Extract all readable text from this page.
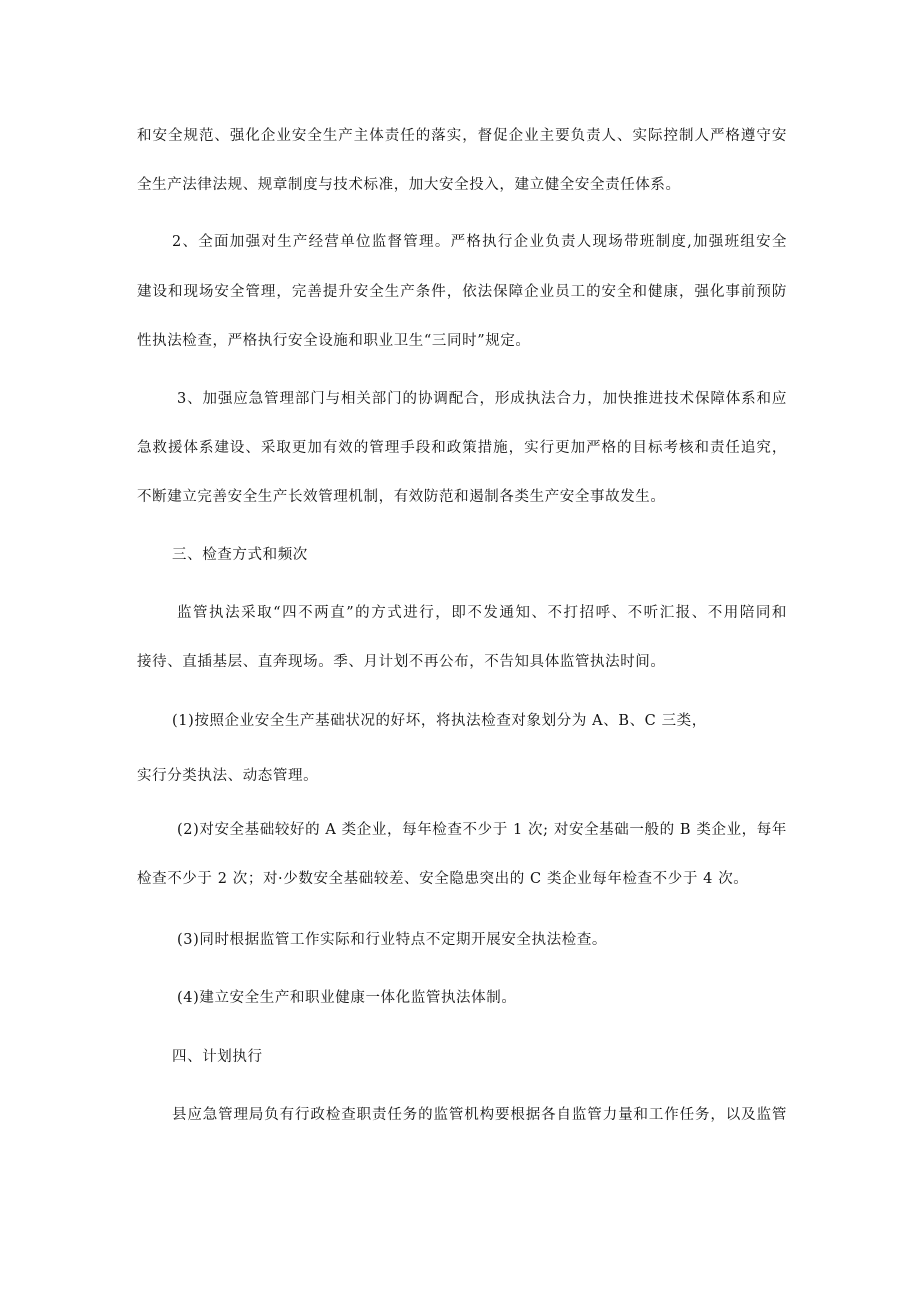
和安全规范、强化企业安全生产主体责任的落实，督促企业主要负责人、实际控制人严格遵守安
全生产法律法规、规章制度与技术标准，加大安全投入，建立健全安全责任体系。
2、全面加强对生产经营单位监督管理。严格执行企业负责人现场带班制度,加强班组安全
建设和现场安全管理，完善提升安全生产条件，依法保障企业员工的安全和健康，强化事前预防
性执法检查，严格执行安全设施和职业卫生“三同时”规定。
3、加强应急管理部门与相关部门的协调配合，形成执法合力，加快推进技术保障体系和应
急救援体系建设、采取更加有效的管理手段和政策措施，实行更加严格的目标考核和责任追究，
不断建立完善安全生产长效管理机制，有效防范和遏制各类生产安全事故发生。
三、检查方式和频次
监管执法采取“四不两直”的方式进行，即不发通知、不打招呼、不听汇报、不用陪同和
接待、直插基层、直奔现场。季、月计划不再公布，不告知具体监管执法时间。
(1)按照企业安全生产基础状况的好坏，将执法检查对象划分为 A、B、C 三类，
实行分类执法、动态管理。
(2)对安全基础较好的 A 类企业，每年检查不少于 1 次; 对安全基础一般的 B 类企业，每年
检查不少于 2 次；对·少数安全基础较差、安全隐患突出的 C 类企业每年检查不少于 4 次。
(3)同时根据监管工作实际和行业特点不定期开展安全执法检查。
(4)建立安全生产和职业健康一体化监管执法体制。
四、计划执行
县应急管理局负有行政检查职责任务的监管机构要根据各自监管力量和工作任务，以及监管
